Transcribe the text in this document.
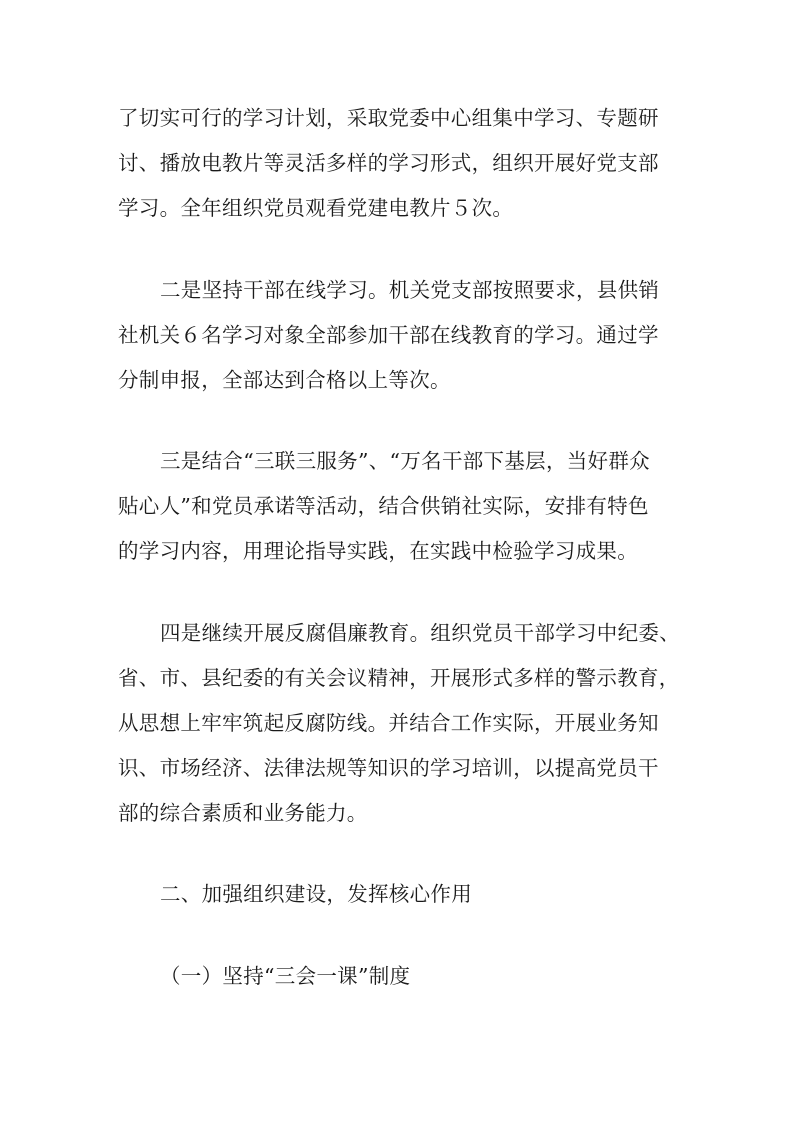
了切实可行的学习计划，采取党委中心组集中学习、专题研
讨、播放电教片等灵活多样的学习形式，组织开展好党支部
学习。全年组织党员观看党建电教片５次。
二是坚持干部在线学习。机关党支部按照要求，县供销
社机关６名学习对象全部参加干部在线教育的学习。通过学
分制申报，全部达到合格以上等次。
三是结合“三联三服务”、“万名干部下基层，当好群众
贴心人”和党员承诺等活动，结合供销社实际，安排有特色
的学习内容，用理论指导实践，在实践中检验学习成果。
四是继续开展反腐倡廉教育。组织党员干部学习中纪委、
省、市、县纪委的有关会议精神，开展形式多样的警示教育，
从思想上牢牢筑起反腐防线。并结合工作实际，开展业务知
识、市场经济、法律法规等知识的学习培训，以提高党员干
部的综合素质和业务能力。
二、加强组织建设，发挥核心作用
（一）坚持“三会一课”制度
